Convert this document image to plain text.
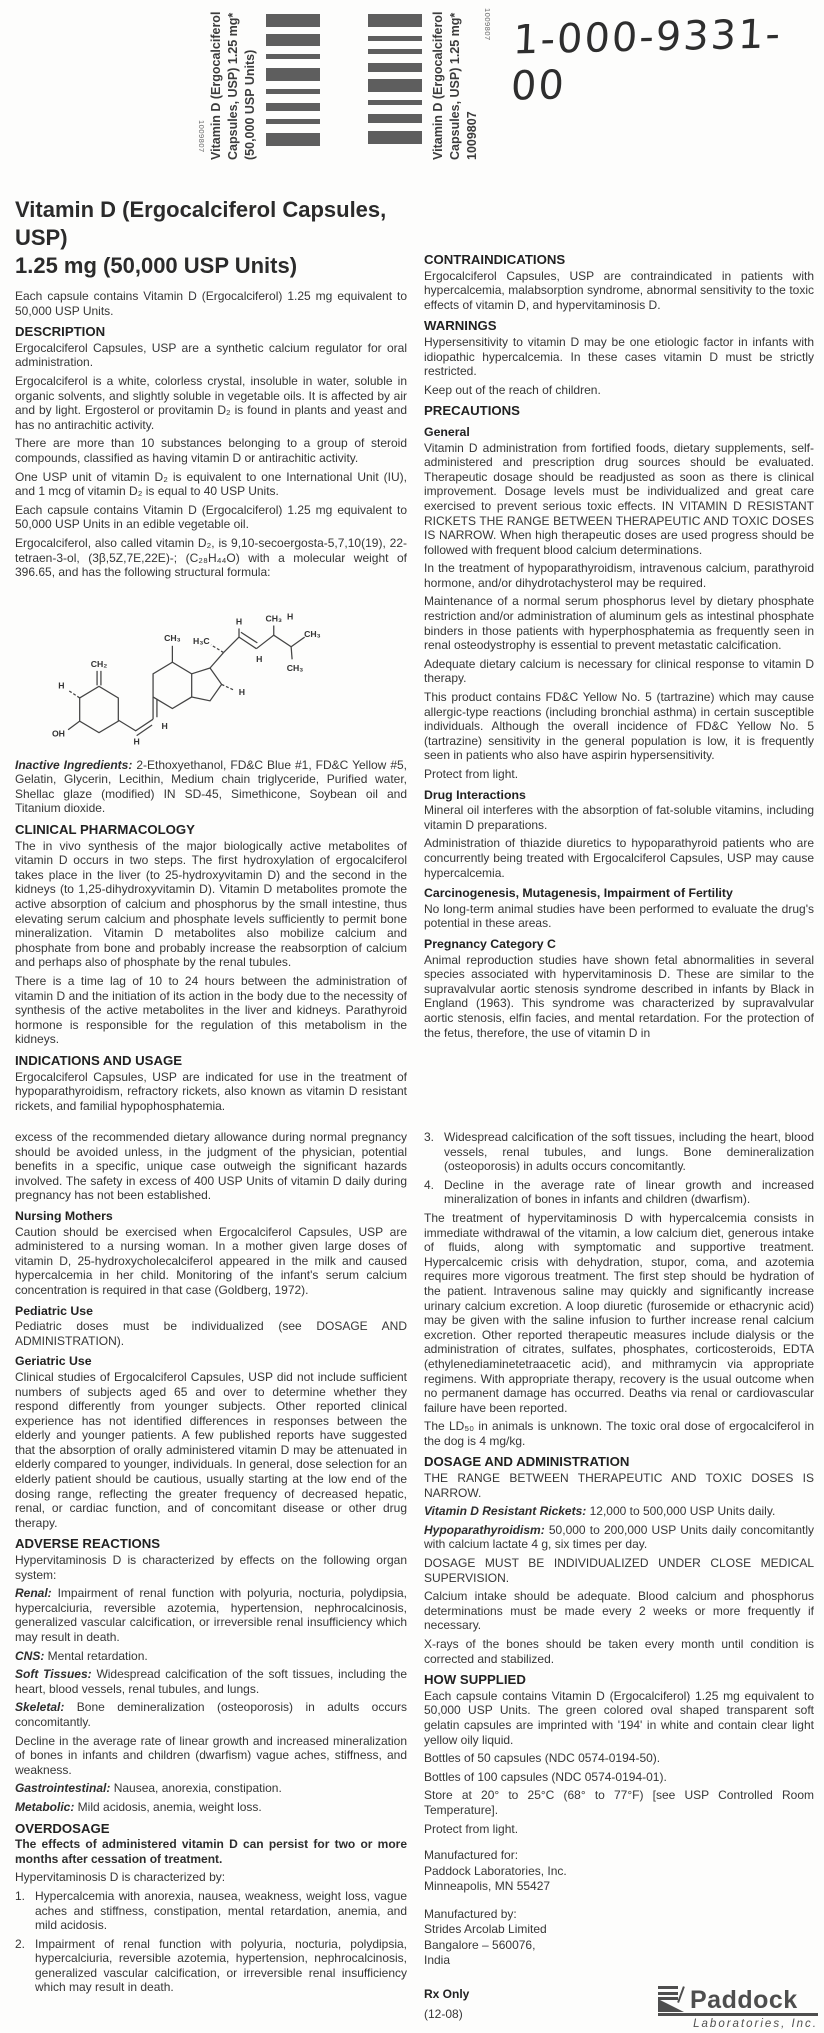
Vitamin D (Ergocalciferol Capsules, USP) 1.25 mg* (50,000 USP Units)
1009807	Vitamin D (Ergocalciferol Capsules, USP) 1.25 mg* 1009807
1009807 1-000-9331-00
Vitamin D (Ergocalciferol Capsules, USP)
1.25 mg (50,000 USP Units)

Each capsule contains Vitamin D (Ergocalciferol) 1.25 mg equivalent to 50,000 USP Units.

DESCRIPTION

Ergocalciferol Capsules, USP are a synthetic calcium regulator for oral administration.

Ergocalciferol is a white, colorless crystal, insoluble in water, soluble in organic solvents, and slightly soluble in vegetable oils. It is affected by air and by light. Ergosterol or provitamin D₂ is found in plants and yeast and has no antirachitic activity.

There are more than 10 substances belonging to a group of steroid compounds, classified as having vitamin D or antirachitic activity.

One USP unit of vitamin D₂ is equivalent to one International Unit (IU), and 1 mcg of vitamin D₂ is equal to 40 USP Units.

Each capsule contains Vitamin D (Ergocalciferol) 1.25 mg equivalent to 50,000 USP Units in an edible vegetable oil.

Ergocalciferol, also called vitamin D₂, is 9,10-secoergosta-5,7,10(19), 22-tetraen-3-ol, (3β,5Z,7E,22E)-; (C₂₈H₄₄O) with a molecular weight of 396.65, and has the following structural formula:

CH₂
OH
H
H
H
CH₃ H₃C
H
H
CH₃ H
CH₃
CH₃
H

Inactive Ingredients: 2-Ethoxyethanol, FD&C Blue #1, FD&C Yellow #5, Gelatin, Glycerin, Lecithin, Medium chain triglyceride, Purified water, Shellac glaze (modified) IN SD-45, Simethicone, Soybean oil and Titanium dioxide.

CLINICAL PHARMACOLOGY

The in vivo synthesis of the major biologically active metabolites of vitamin D occurs in two steps. The first hydroxylation of ergocalciferol takes place in the liver (to 25-hydroxyvitamin D) and the second in the kidneys (to 1,25-dihydroxyvitamin D). Vitamin D metabolites promote the active absorption of calcium and phosphorus by the small intestine, thus elevating serum calcium and phosphate levels sufficiently to permit bone mineralization. Vitamin D metabolites also mobilize calcium and phosphate from bone and probably increase the reabsorption of calcium and perhaps also of phosphate by the renal tubules.

There is a time lag of 10 to 24 hours between the administration of vitamin D and the initiation of its action in the body due to the necessity of synthesis of the active metabolites in the liver and kidneys. Parathyroid hormone is responsible for the regulation of this metabolism in the kidneys.

INDICATIONS AND USAGE

Ergocalciferol Capsules, USP are indicated for use in the treatment of hypoparathyroidism, refractory rickets, also known as vitamin D resistant rickets, and familial hypophosphatemia.

CONTRAINDICATIONS

Ergocalciferol Capsules, USP are contraindicated in patients with hypercalcemia, malabsorption syndrome, abnormal sensitivity to the toxic effects of vitamin D, and hypervitaminosis D.

WARNINGS

Hypersensitivity to vitamin D may be one etiologic factor in infants with idiopathic hypercalcemia. In these cases vitamin D must be strictly restricted.

Keep out of the reach of children.

PRECAUTIONS
General

Vitamin D administration from fortified foods, dietary supplements, self-administered and prescription drug sources should be evaluated. Therapeutic dosage should be readjusted as soon as there is clinical improvement. Dosage levels must be individualized and great care exercised to prevent serious toxic effects. IN VITAMIN D RESISTANT RICKETS THE RANGE BETWEEN THERAPEUTIC AND TOXIC DOSES IS NARROW. When high therapeutic doses are used progress should be followed with frequent blood calcium determinations.

In the treatment of hypoparathyroidism, intravenous calcium, parathyroid hormone, and/or dihydrotachysterol may be required.

Maintenance of a normal serum phosphorus level by dietary phosphate restriction and/or administration of aluminum gels as intestinal phosphate binders in those patients with hyperphosphatemia as frequently seen in renal osteodystrophy is essential to prevent metastatic calcification.

Adequate dietary calcium is necessary for clinical response to vitamin D therapy.

This product contains FD&C Yellow No. 5 (tartrazine) which may cause allergic-type reactions (including bronchial asthma) in certain susceptible individuals. Although the overall incidence of FD&C Yellow No. 5 (tartrazine) sensitivity in the general population is low, it is frequently seen in patients who also have aspirin hypersensitivity.

Protect from light.

Drug Interactions

Mineral oil interferes with the absorption of fat-soluble vitamins, including vitamin D preparations.

Administration of thiazide diuretics to hypoparathyroid patients who are concurrently being treated with Ergocalciferol Capsules, USP may cause hypercalcemia.

Carcinogenesis, Mutagenesis, Impairment of Fertility

No long-term animal studies have been performed to evaluate the drug's potential in these areas.

Pregnancy Category C

Animal reproduction studies have shown fetal abnormalities in several species associated with hypervitaminosis D. These are similar to the supravalvular aortic stenosis syndrome described in infants by Black in England (1963). This syndrome was characterized by supravalvular aortic stenosis, elfin facies, and mental retardation. For the protection of the fetus, therefore, the use of vitamin D in

excess of the recommended dietary allowance during normal pregnancy should be avoided unless, in the judgment of the physician, potential benefits in a specific, unique case outweigh the significant hazards involved. The safety in excess of 400 USP Units of vitamin D daily during pregnancy has not been established.

Nursing Mothers

Caution should be exercised when Ergocalciferol Capsules, USP are administered to a nursing woman. In a mother given large doses of vitamin D, 25-hydroxycholecalciferol appeared in the milk and caused hypercalcemia in her child. Monitoring of the infant's serum calcium concentration is required in that case (Goldberg, 1972).

Pediatric Use

Pediatric doses must be individualized (see DOSAGE AND ADMINISTRATION).

Geriatric Use

Clinical studies of Ergocalciferol Capsules, USP did not include sufficient numbers of subjects aged 65 and over to determine whether they respond differently from younger subjects. Other reported clinical experience has not identified differences in responses between the elderly and younger patients. A few published reports have suggested that the absorption of orally administered vitamin D may be attenuated in elderly compared to younger, individuals. In general, dose selection for an elderly patient should be cautious, usually starting at the low end of the dosing range, reflecting the greater frequency of decreased hepatic, renal, or cardiac function, and of concomitant disease or other drug therapy.

ADVERSE REACTIONS

Hypervitaminosis D is characterized by effects on the following organ system:

Renal: Impairment of renal function with polyuria, nocturia, polydipsia, hypercalciuria, reversible azotemia, hypertension, nephrocalcinosis, generalized vascular calcification, or irreversible renal insufficiency which may result in death.

CNS: Mental retardation.

Soft Tissues: Widespread calcification of the soft tissues, including the heart, blood vessels, renal tubules, and lungs.

Skeletal: Bone demineralization (osteoporosis) in adults occurs concomitantly.

Decline in the average rate of linear growth and increased mineralization of bones in infants and children (dwarfism) vague aches, stiffness, and weakness.

Gastrointestinal: Nausea, anorexia, constipation.

Metabolic: Mild acidosis, anemia, weight loss.

OVERDOSAGE

The effects of administered vitamin D can persist for two or more months after cessation of treatment.

Hypervitaminosis D is characterized by:

1. Hypercalcemia with anorexia, nausea, weakness, weight loss, vague aches and stiffness, constipation, mental retardation, anemia, and mild acidosis.
2. Impairment of renal function with polyuria, nocturia, polydipsia, hypercalciuria, reversible azotemia, hypertension, nephrocalcinosis, generalized vascular calcification, or irreversible renal insufficiency which may result in death.
3. Widespread calcification of the soft tissues, including the heart, blood vessels, renal tubules, and lungs. Bone demineralization (osteoporosis) in adults occurs concomitantly.
4. Decline in the average rate of linear growth and increased mineralization of bones in infants and children (dwarfism).

The treatment of hypervitaminosis D with hypercalcemia consists in immediate withdrawal of the vitamin, a low calcium diet, generous intake of fluids, along with symptomatic and supportive treatment. Hypercalcemic crisis with dehydration, stupor, coma, and azotemia requires more vigorous treatment. The first step should be hydration of the patient. Intravenous saline may quickly and significantly increase urinary calcium excretion. A loop diuretic (furosemide or ethacrynic acid) may be given with the saline infusion to further increase renal calcium excretion. Other reported therapeutic measures include dialysis or the administration of citrates, sulfates, phosphates, corticosteroids, EDTA (ethylenediaminetetraacetic acid), and mithramycin via appropriate regimens. With appropriate therapy, recovery is the usual outcome when no permanent damage has occurred. Deaths via renal or cardiovascular failure have been reported.

The LD₅₀ in animals is unknown. The toxic oral dose of ergocalciferol in the dog is 4 mg/kg.

DOSAGE AND ADMINISTRATION

THE RANGE BETWEEN THERAPEUTIC AND TOXIC DOSES IS NARROW.

Vitamin D Resistant Rickets: 12,000 to 500,000 USP Units daily.

Hypoparathyroidism: 50,000 to 200,000 USP Units daily concomitantly with calcium lactate 4 g, six times per day.

DOSAGE MUST BE INDIVIDUALIZED UNDER CLOSE MEDICAL SUPERVISION.

Calcium intake should be adequate. Blood calcium and phosphorus determinations must be made every 2 weeks or more frequently if necessary.

X-rays of the bones should be taken every month until condition is corrected and stabilized.

HOW SUPPLIED

Each capsule contains Vitamin D (Ergocalciferol) 1.25 mg equivalent to 50,000 USP Units. The green colored oval shaped transparent soft gelatin capsules are imprinted with '194' in white and contain clear light yellow oily liquid.

Bottles of 50 capsules (NDC 0574-0194-50).

Bottles of 100 capsules (NDC 0574-0194-01).

Store at 20° to 25°C (68° to 77°F) [see USP Controlled Room Temperature].

Protect from light.

Manufactured for:
Paddock Laboratories, Inc.
Minneapolis, MN 55427
Manufactured by:
Strides Arcolab Limited
Bangalore – 560076,
India
Rx Only
(12-08)
Paddock
Laboratories, Inc.
